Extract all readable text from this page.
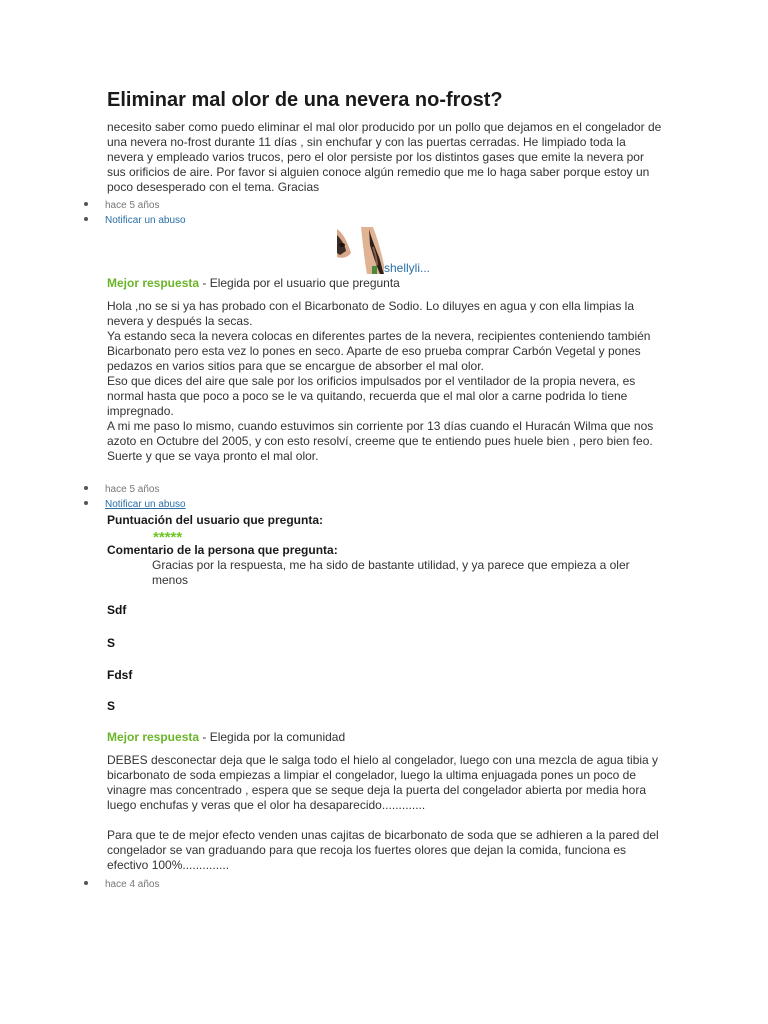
Eliminar mal olor de una nevera no-frost?

necesito saber como puedo eliminar el mal olor producido por un pollo que dejamos en el congelador de una nevera no-frost durante 11 días , sin enchufar y con las puertas cerradas. He limpiado toda la nevera y empleado varios trucos, pero el olor persiste por los distintos gases que emite la nevera por sus orificios de aire. Por favor si alguien conoce algún remedio que me lo haga saber porque estoy un poco desesperado con el tema. Gracias

hace 5 años
Notificar un abuso
shellyli...
Mejor respuesta - Elegida por el usuario que pregunta

Hola ,no se si ya has probado con el Bicarbonato de Sodio. Lo diluyes en agua y con ella limpias la nevera y después la secas.

Ya estando seca la nevera colocas en diferentes partes de la nevera, recipientes conteniendo también Bicarbonato pero esta vez lo pones en seco. Aparte de eso prueba comprar Carbón Vegetal y pones pedazos en varios sitios para que se encargue de absorber el mal olor.

Eso que dices del aire que sale por los orificios impulsados por el ventilador de la propia nevera, es normal hasta que poco a poco se le va quitando, recuerda que el mal olor a carne podrida lo tiene impregnado.

A mi me paso lo mismo, cuando estuvimos sin corriente por 13 días cuando el Huracán Wilma que nos azoto en Octubre del 2005, y con esto resolví, creeme que te entiendo pues huele bien , pero bien feo.

Suerte y que se vaya pronto el mal olor.

hace 5 años
Notificar un abuso
Puntuación del usuario que pregunta:
*****
Comentario de la persona que pregunta:
Gracias por la respuesta, me ha sido de bastante utilidad, y ya parece que empieza a oler menos
Sdf
S
Fdsf
S
Mejor respuesta - Elegida por la comunidad

DEBES desconectar deja que le salga todo el hielo al congelador, luego con una mezcla de agua tibia y bicarbonato de soda empiezas a limpiar el congelador, luego la ultima enjuagada pones un poco de vinagre mas concentrado , espera que se seque deja la puerta del congelador abierta por media hora luego enchufas y veras que el olor ha desaparecido.............

Para que te de mejor efecto venden unas cajitas de bicarbonato de soda que se adhieren a la pared del congelador se van graduando para que recoja los fuertes olores que dejan la comida, funciona es efectivo 100%..............

hace 4 años
